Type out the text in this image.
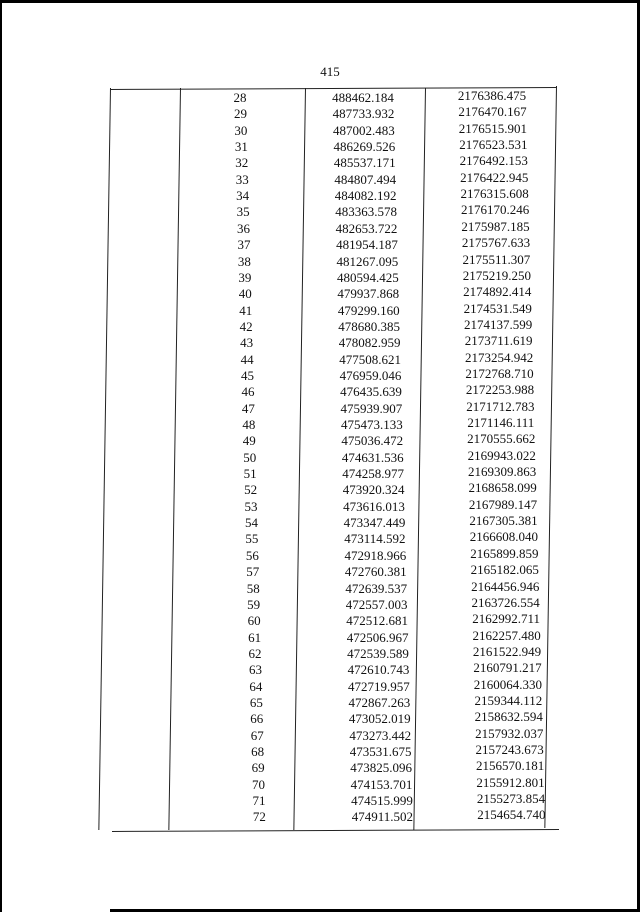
415
28	488462.184	2176386.475
29	487733.932	2176470.167
30	487002.483	2176515.901
31	486269.526	2176523.531
32	485537.171	2176492.153
33	484807.494	2176422.945
34	484082.192	2176315.608
35	483363.578	2176170.246
36	482653.722	2175987.185
37	481954.187	2175767.633
38	481267.095	2175511.307
39	480594.425	2175219.250
40	479937.868	2174892.414
41	479299.160	2174531.549
42	478680.385	2174137.599
43	478082.959	2173711.619
44	477508.621	2173254.942
45	476959.046	2172768.710
46	476435.639	2172253.988
47	475939.907	2171712.783
48	475473.133	2171146.111
49	475036.472	2170555.662
50	474631.536	2169943.022
51	474258.977	2169309.863
52	473920.324	2168658.099
53	473616.013	2167989.147
54	473347.449	2167305.381
55	473114.592	2166608.040
56	472918.966	2165899.859
57	472760.381	2165182.065
58	472639.537	2164456.946
59	472557.003	2163726.554
60	472512.681	2162992.711
61	472506.967	2162257.480
62	472539.589	2161522.949
63	472610.743	2160791.217
64	472719.957	2160064.330
65	472867.263	2159344.112
66	473052.019	2158632.594
67	473273.442	2157932.037
68	473531.675	2157243.673
69	473825.096	2156570.181
70	474153.701	2155912.801
71	474515.999	2155273.854
72	474911.502	2154654.740
